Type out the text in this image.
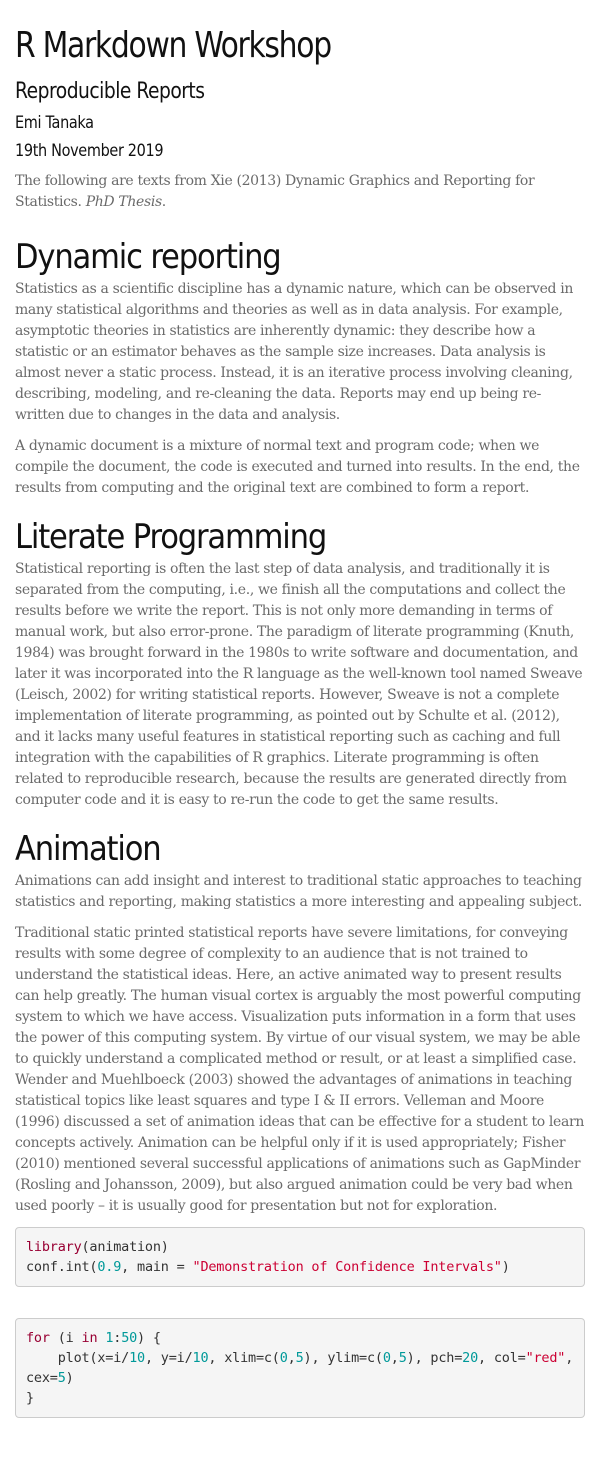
R Markdown Workshop
Reproducible Reports
Emi Tanaka
19th November 2019

The following are texts from Xie (2013) Dynamic Graphics and Reporting for Statistics. PhD Thesis.

Dynamic reporting

Statistics as a scientific discipline has a dynamic nature, which can be observed in many statistical algorithms and theories as well as in data analysis. For example, asymptotic theories in statistics are inherently dynamic: they describe how a statistic or an estimator behaves as the sample size increases. Data analysis is almost never a static process. Instead, it is an iterative process involving cleaning, describing, modeling, and re-cleaning the data. Reports may end up being re-written due to changes in the data and analysis.

A dynamic document is a mixture of normal text and program code; when we compile the document, the code is executed and turned into results. In the end, the results from computing and the original text are combined to form a report.

Literate Programming

Statistical reporting is often the last step of data analysis, and traditionally it is separated from the computing, i.e., we finish all the computations and collect the results before we write the report. This is not only more demanding in terms of manual work, but also error-prone. The paradigm of literate programming (Knuth, 1984) was brought forward in the 1980s to write software and documentation, and later it was incorporated into the R language as the well-known tool named Sweave (Leisch, 2002) for writing statistical reports. However, Sweave is not a complete implementation of literate programming, as pointed out by Schulte et al. (2012), and it lacks many useful features in statistical reporting such as caching and full integration with the capabilities of R graphics. Literate programming is often related to reproducible research, because the results are generated directly from computer code and it is easy to re-run the code to get the same results.

Animation

Animations can add insight and interest to traditional static approaches to teaching statistics and reporting, making statistics a more interesting and appealing subject.

Traditional static printed statistical reports have severe limitations, for conveying results with some degree of complexity to an audience that is not trained to understand the statistical ideas. Here, an active animated way to present results can help greatly. The human visual cortex is arguably the most powerful computing system to which we have access. Visualization puts information in a form that uses the power of this computing system. By virtue of our visual system, we may be able to quickly understand a complicated method or result, or at least a simplified case. Wender and Muehlboeck (2003) showed the advantages of animations in teaching statistical topics like least squares and type I & II errors. Velleman and Moore (1996) discussed a set of animation ideas that can be effective for a student to learn concepts actively. Animation can be helpful only if it is used appropriately; Fisher (2010) mentioned several successful applications of animations such as GapMinder (Rosling and Johansson, 2009), but also argued animation could be very bad when used poorly – it is usually good for presentation but not for exploration.

library(animation)
conf.int(0.9, main = "Demonstration of Confidence Intervals")
for (i in 1:50) {
plot(x=i/10, y=i/10, xlim=c(0,5), ylim=c(0,5), pch=20, col="red", cex=5)
}
